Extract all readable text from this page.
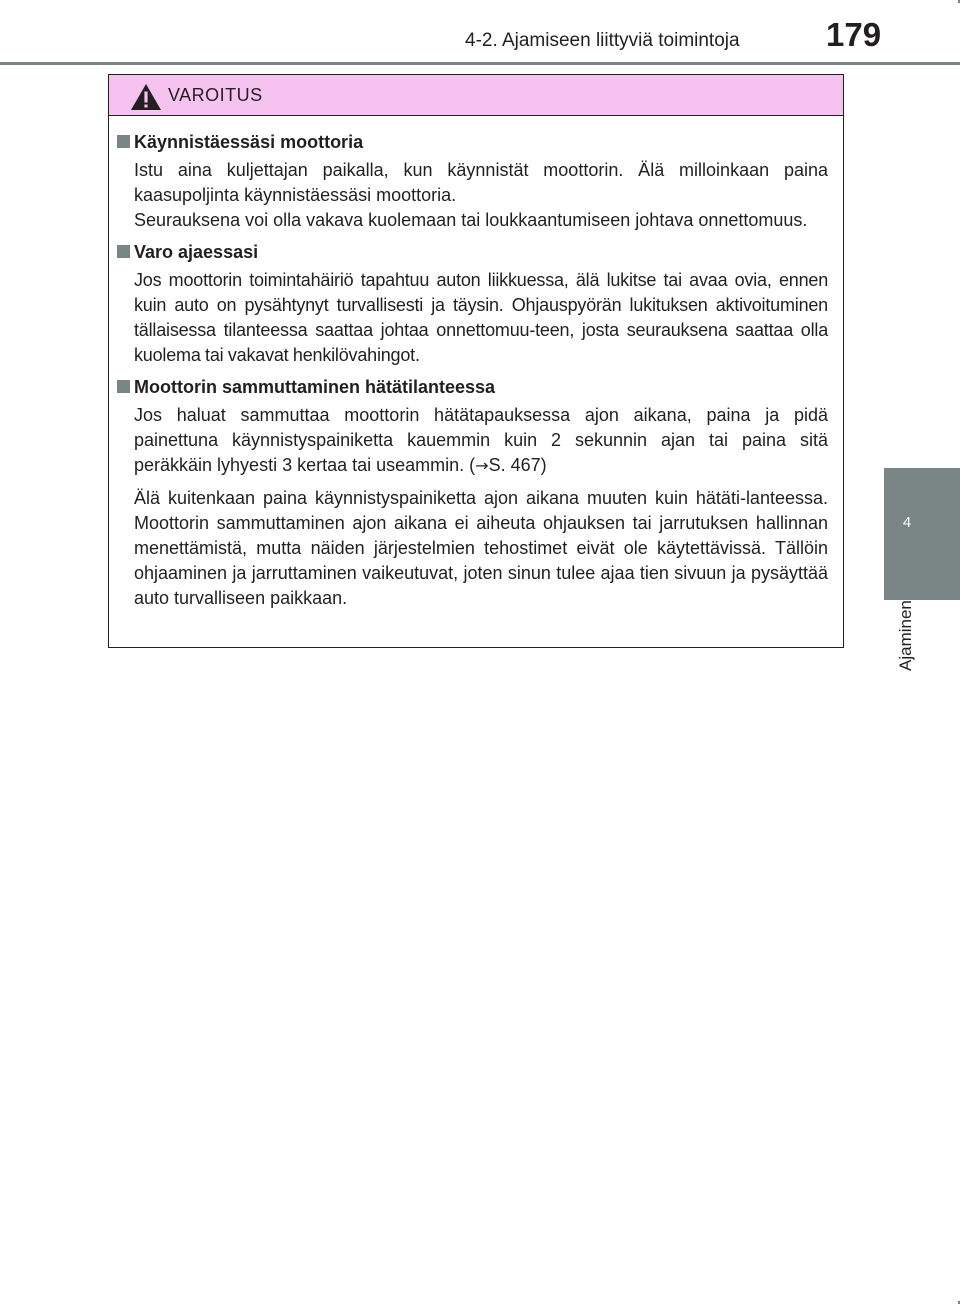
4-2. Ajamiseen liittyviä toimintoja	179
4
Ajaminen
VAROITUS
Käynnistäessäsi moottoria

Istu aina kuljettajan paikalla, kun käynnistät moottorin. Älä milloinkaan paina kaasupoljinta käynnistäessäsi moottoria.

Seurauksena voi olla vakava kuolemaan tai loukkaantumiseen johtava onnettomuus.

Varo ajaessasi

Jos moottorin toimintahäiriö tapahtuu auton liikkuessa, älä lukitse tai avaa ovia, ennen kuin auto on pysähtynyt turvallisesti ja täysin. Ohjauspyörän lukituksen aktivoituminen tällaisessa tilanteessa saattaa johtaa onnettomuu-teen, josta seurauksena saattaa olla kuolema tai vakavat henkilövahingot.

Moottorin sammuttaminen hätätilanteessa

Jos haluat sammuttaa moottorin hätätapauksessa ajon aikana, paina ja pidä painettuna käynnistyspainiketta kauemmin kuin 2 sekunnin ajan tai paina sitä peräkkäin lyhyesti 3 kertaa tai useammin. (→S. 467)

Älä kuitenkaan paina käynnistyspainiketta ajon aikana muuten kuin hätäti-lanteessa. Moottorin sammuttaminen ajon aikana ei aiheuta ohjauksen tai jarrutuksen hallinnan menettämistä, mutta näiden järjestelmien tehostimet eivät ole käytettävissä. Tällöin ohjaaminen ja jarruttaminen vaikeutuvat, joten sinun tulee ajaa tien sivuun ja pysäyttää auto turvalliseen paikkaan.
